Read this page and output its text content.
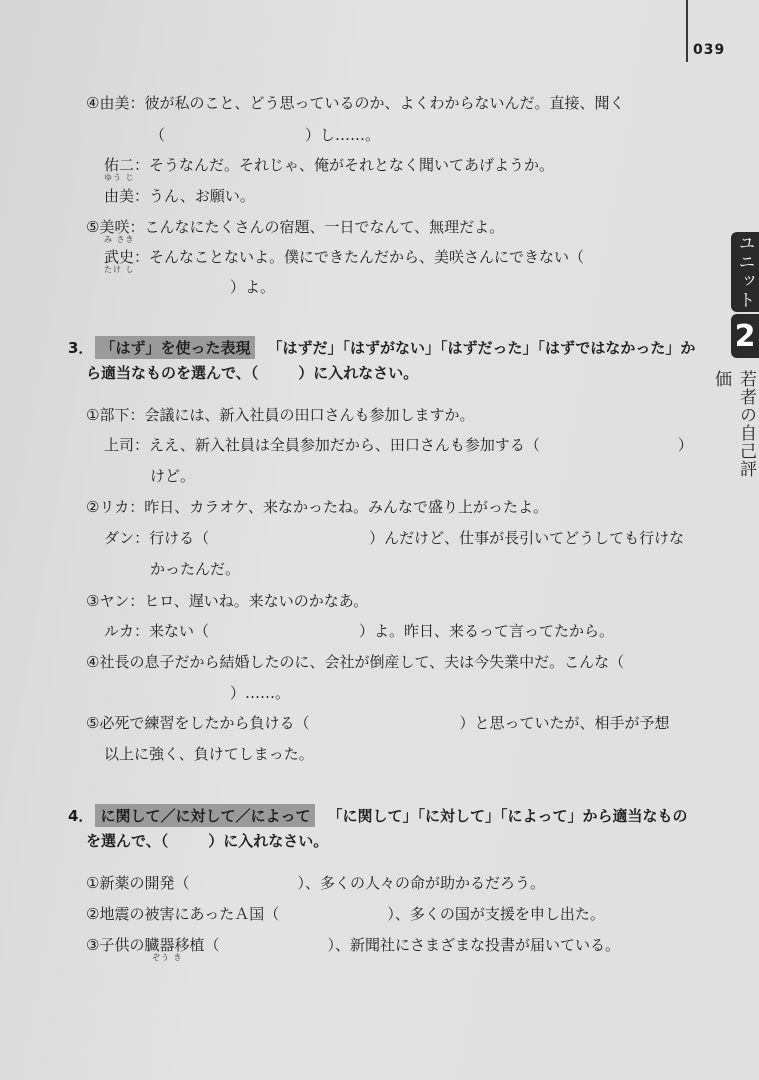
039
ユニット
2
若者の自己評価
④由美：彼が私のこと、どう思っているのか、よくわからないんだ。直接、聞く
（	）し……。
ゆう じ
佑二：そうなんだ。それじゃ、俺がそれとなく聞いてあげようか。
由美：うん、お願い。
⑤美咲：こんなにたくさんの宿題、一日でなんて、無理だよ。
み さき
武史：そんなことないよ。僕にできたんだから、美咲さんにできない（
たけ し
）よ。
3． 「はず」を使った表現 「はずだ」「はずがない」「はずだった」「はずではなかった」か
ら適当なものを選んで、（	）に入れなさい。
①部下：会議には、新入社員の田口さんも参加しますか。
上司：ええ、新入社員は全員参加だから、田口さんも参加する（	）
けど。
②リカ：昨日、カラオケ、来なかったね。みんなで盛り上がったよ。
ダン：行ける（	）んだけど、仕事が長引いてどうしても行けな
かったんだ。
③ヤン：ヒロ、遅いね。来ないのかなあ。
ルカ：来ない（	）よ。昨日、来るって言ってたから。
④社長の息子だから結婚したのに、会社が倒産して、夫は今失業中だ。こんな（
）……。
⑤必死で練習をしたから負ける（	）と思っていたが、相手が予想
以上に強く、負けてしまった。
4． に関して／に対して／によって 「に関して」「に対して」「によって」から適当なもの
を選んで、（	）に入れなさい。
①新薬の開発（	）、多くの人々の命が助かるだろう。
②地震の被害にあったＡ国（	）、多くの国が支援を申し出た。
③子供の臓器移植（	）、新聞社にさまざまな投書が届いている。
ぞう き
